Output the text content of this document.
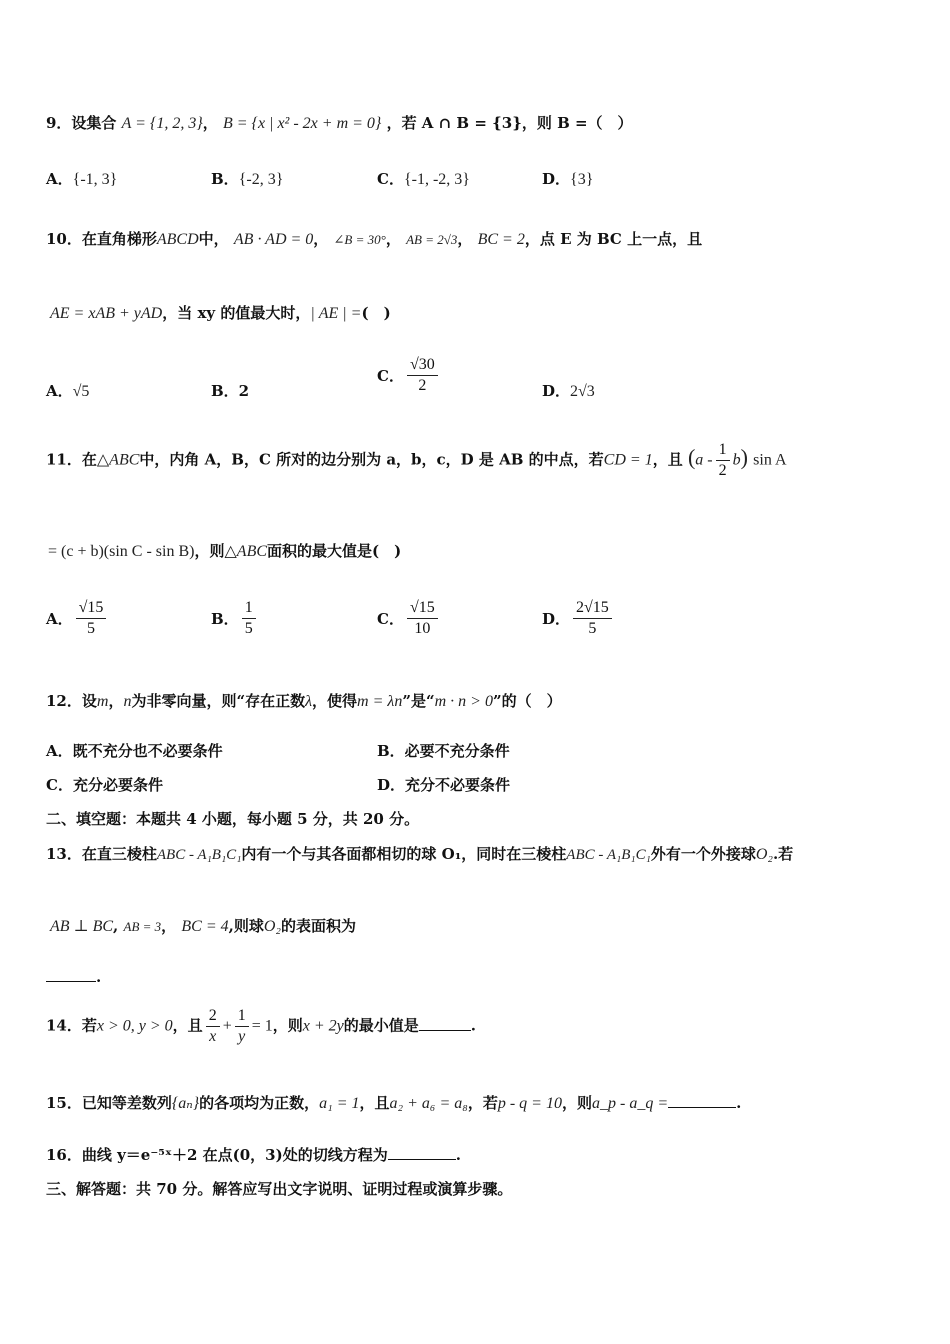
9．设集合 A = {1, 2, 3}， B = {x | x² - 2x + m = 0} ，若 A ∩ B = {3}，则 B =（　）
A．{-1, 3}	B．{-2, 3}	C．{-1, -2, 3}	D．{3}
10．在直角梯形ABCD中， AB · AD = 0， ∠B = 30°， AB = 2√3， BC = 2，点 E 为 BC 上一点，且
AE = xAB + yAD，当 xy 的值最大时，| AE | =(　)
A．√5	B．2
C． $\frac{√30}{2}$	D．2√3
11．在△ABC中，内角 A，B，C 所对的边分别为 a，b，c，D 是 AB 的中点，若CD = 1，且 $(a - \frac{1}{2} b)$ sin A
= (c + b)(sin C - sin B)，则△ABC面积的最大值是(　)
A． $\frac{√15}{5}$	B． $\frac{1}{5}$	C． $\frac{√15}{10}$	D． $\frac{2√15}{5}$
12．设m，n为非零向量，则“存在正数λ，使得m = λn”是“m · n > 0”的（　）
A．既不充分也不必要条件	B．必要不充分条件
C．充分必要条件	D．充分不必要条件
二、填空题：本题共 4 小题，每小题 5 分，共 20 分。
13．在直三棱柱ABC - A₁B₁C₁内有一个与其各面都相切的球 O₁，同时在三棱柱ABC - A₁B₁C₁外有一个外接球O₂.若
AB ⊥ BC, AB = 3， BC = 4,则球O₂的表面积为
.
14．若x > 0, y > 0，且 $\frac{2}{x} + \frac{1}{y} = 1$，则x + 2y的最小值是	.
15．已知等差数列{aₙ}的各项均为正数，a₁ = 1，且a₂ + a₆ = a₈，若p - q = 10，则a_p - a_q =	.
16．曲线 y＝e⁻⁵ˣ＋2 在点(0，3)处的切线方程为	.
三、解答题：共 70 分。解答应写出文字说明、证明过程或演算步骤。
